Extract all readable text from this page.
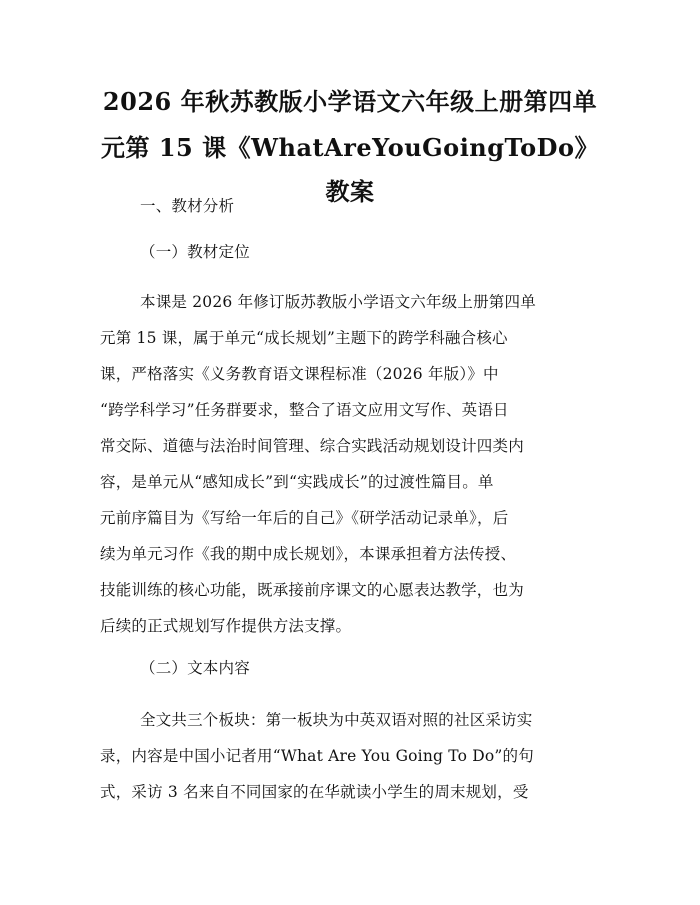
2026 年秋苏教版小学语文六年级上册第四单
元第 15 课《WhatAreYouGoingToDo》教案
一、教材分析
（一）教材定位
本课是 2026 年修订版苏教版小学语文六年级上册第四单
元第 15 课，属于单元“成长规划”主题下的跨学科融合核心
课，严格落实《义务教育语文课程标准（2026 年版）》中
“跨学科学习”任务群要求，整合了语文应用文写作、英语日
常交际、道德与法治时间管理、综合实践活动规划设计四类内
容，是单元从“感知成长”到“实践成长”的过渡性篇目。单
元前序篇目为《写给一年后的自己》《研学活动记录单》，后
续为单元习作《我的期中成长规划》，本课承担着方法传授、
技能训练的核心功能，既承接前序课文的心愿表达教学，也为
后续的正式规划写作提供方法支撑。
（二）文本内容
全文共三个板块：第一板块为中英双语对照的社区采访实
录，内容是中国小记者用“What Are You Going To Do”的句
式，采访 3 名来自不同国家的在华就读小学生的周末规划，受
